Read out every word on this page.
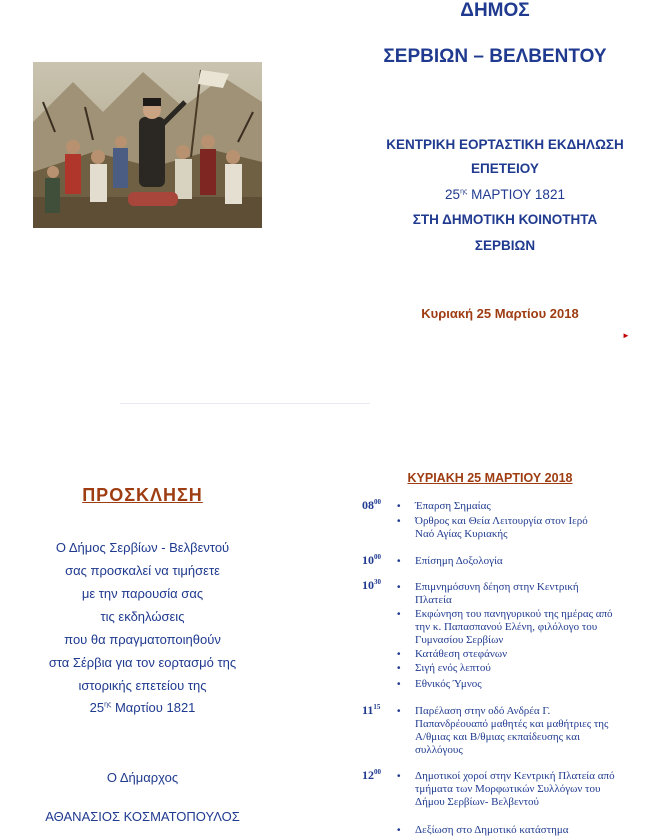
ΔΗΜΟΣ
ΣΕΡΒΙΩΝ – ΒΕΛΒΕΝΤΟΥ
ΚΕΝΤΡΙΚΗ ΕΟΡΤΑΣΤΙΚΗ ΕΚΔΗΛΩΣΗ
ΕΠΕΤΕΙΟΥ
$25^{\eta\varsigma}$ ΜΑΡΤΙΟΥ 1821
ΣΤΗ ΔΗΜΟΤΙΚΗ ΚΟΙΝΟΤΗΤΑ
ΣΕΡΒΙΩΝ
Κυριακή 25 Μαρτίου 2018
►
ΠΡΟΣΚΛΗΣΗ
Ο Δήμος Σερβίων - Βελβεντού
σας προσκαλεί να τιμήσετε
με την παρουσία σας
τις εκδηλώσεις
που θα πραγματοποιηθούν
στα Σέρβια για τον εορτασμό της
ιστορικής επετείου της
$25^{\eta\varsigma}$ Μαρτίου 1821
Ο Δήμαρχος
ΑΘΑΝΑΣΙΟΣ ΚΟΣΜΑΤΟΠΟΥΛΟΣ
ΚΥΡΙΑΚΗ 25 ΜΑΡΤΙΟΥ 2018
$08^{00}$	• Έπαρση Σημαίας
• Όρθρος και Θεία Λειτουργία στον Ιερό Ναό Αγίας Κυριακής
$10^{00}$	• Επίσημη Δοξολογία
$10^{30}$	• Επιμνημόσυνη δέηση στην Κεντρική Πλατεία
• Εκφώνηση του πανηγυρικού της ημέρας από την κ. Παπασπανού Ελένη, φιλόλογο του Γυμνασίου Σερβίων
• Κατάθεση στεφάνων
• Σιγή ενός λεπτού
• Εθνικός Ύμνος
$11^{15}$	• Παρέλαση στην οδό Ανδρέα Γ. Παπανδρέουαπό μαθητές και μαθήτριες της Α/θμιας και Β/θμιας εκπαίδευσης και συλλόγους
$12^{00}$	• Δημοτικοί χοροί στην Κεντρική Πλατεία από τμήματα των Μορφωτικών Συλλόγων του Δήμου Σερβίων- Βελβεντού
• Δεξίωση στο Δημοτικό κατάστημα
